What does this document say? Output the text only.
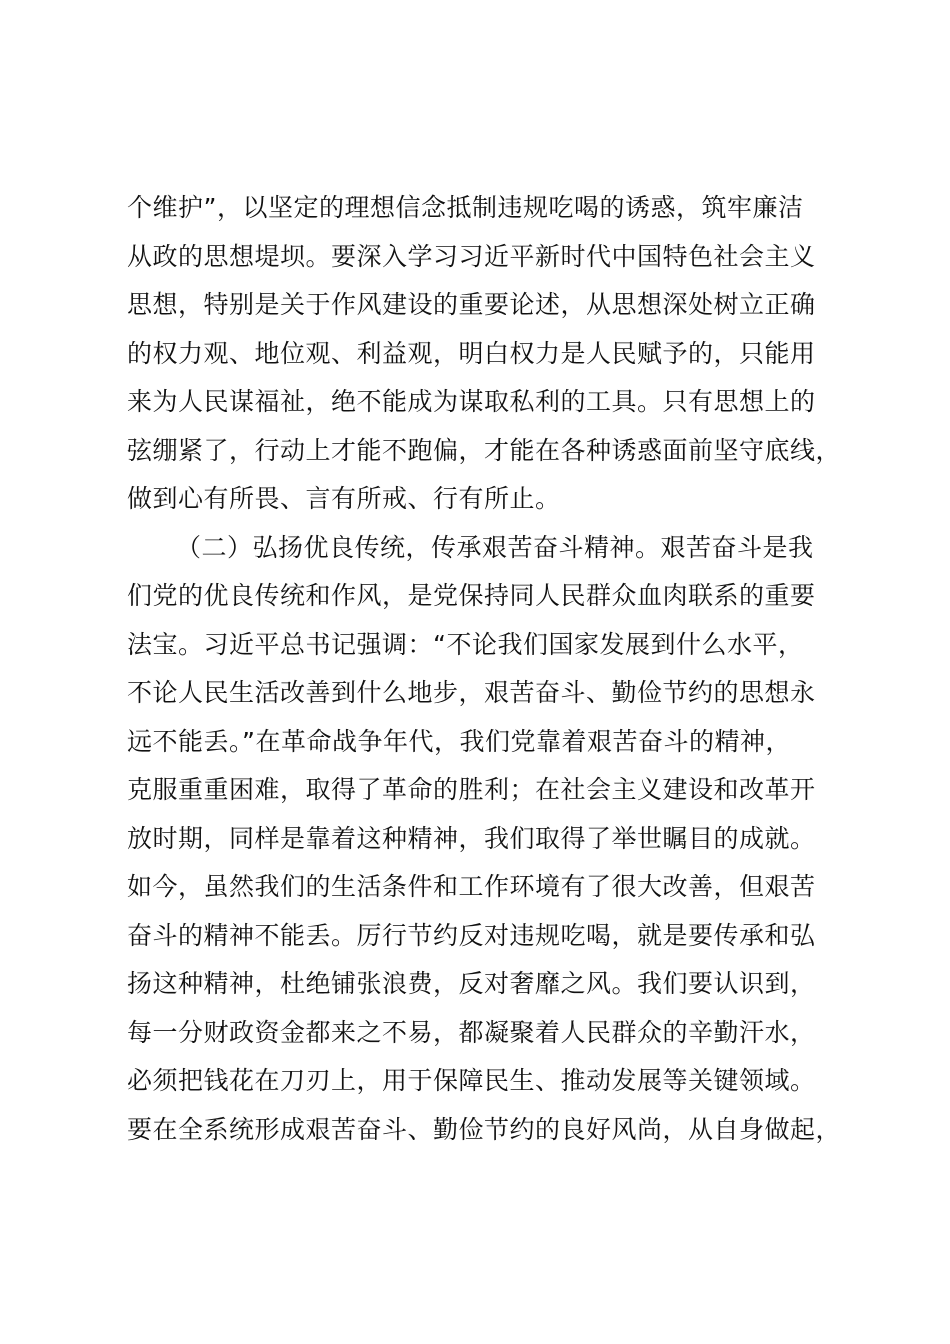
个维护”，以坚定的理想信念抵制违规吃喝的诱惑，筑牢廉洁
从政的思想堤坝。要深入学习习近平新时代中国特色社会主义
思想，特别是关于作风建设的重要论述，从思想深处树立正确
的权力观、地位观、利益观，明白权力是人民赋予的，只能用
来为人民谋福祉，绝不能成为谋取私利的工具。只有思想上的
弦绷紧了，行动上才能不跑偏，才能在各种诱惑面前坚守底线，
做到心有所畏、言有所戒、行有所止。
（二）弘扬优良传统，传承艰苦奋斗精神。艰苦奋斗是我
们党的优良传统和作风，是党保持同人民群众血肉联系的重要
法宝。习近平总书记强调：“不论我们国家发展到什么水平，
不论人民生活改善到什么地步，艰苦奋斗、勤俭节约的思想永
远不能丢。”在革命战争年代，我们党靠着艰苦奋斗的精神，
克服重重困难，取得了革命的胜利；在社会主义建设和改革开
放时期，同样是靠着这种精神，我们取得了举世瞩目的成就。
如今，虽然我们的生活条件和工作环境有了很大改善，但艰苦
奋斗的精神不能丢。厉行节约反对违规吃喝，就是要传承和弘
扬这种精神，杜绝铺张浪费，反对奢靡之风。我们要认识到，
每一分财政资金都来之不易，都凝聚着人民群众的辛勤汗水，
必须把钱花在刀刃上，用于保障民生、推动发展等关键领域。
要在全系统形成艰苦奋斗、勤俭节约的良好风尚，从自身做起，
